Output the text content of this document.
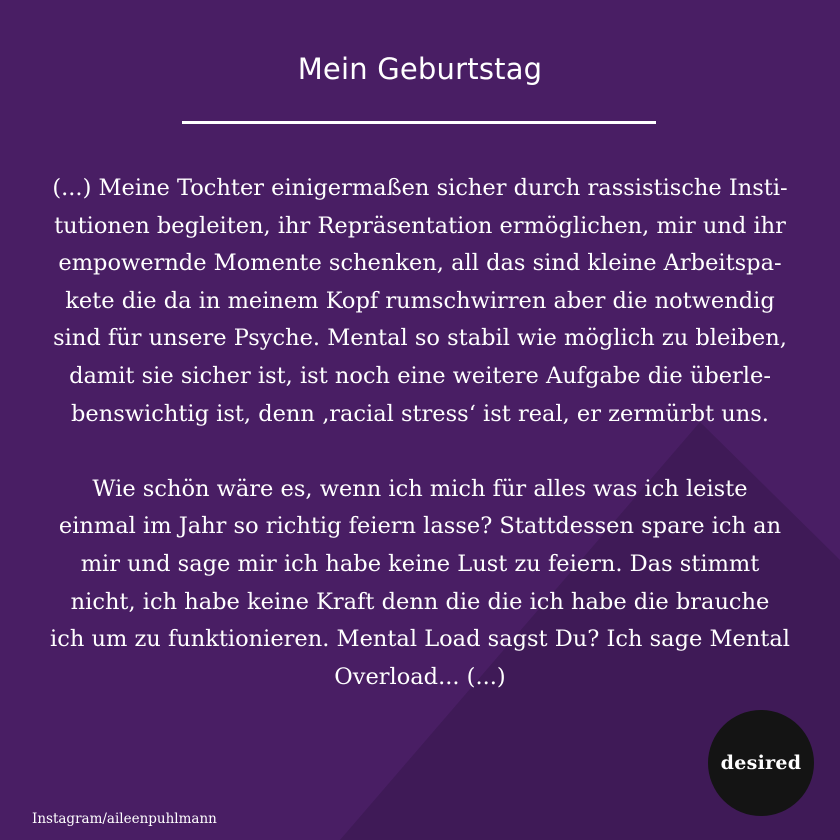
Mein Geburtstag

(...) Meine Tochter einigermaßen sicher durch rassistische Insti-
tutionen begleiten, ihr Repräsentation ermöglichen, mir und ihr
empowernde Momente schenken, all das sind kleine Arbeitspa-
kete die da in meinem Kopf rumschwirren aber die notwendig
sind für unsere Psyche. Mental so stabil wie möglich zu bleiben,
damit sie sicher ist, ist noch eine weitere Aufgabe die überle-
benswichtig ist, denn ‚racial stress‘ ist real, er zermürbt uns.

Wie schön wäre es, wenn ich mich für alles was ich leiste
einmal im Jahr so richtig feiern lasse? Stattdessen spare ich an
mir und sage mir ich habe keine Lust zu feiern. Das stimmt
nicht, ich habe keine Kraft denn die die ich habe die brauche
ich um zu funktionieren. Mental Load sagst Du? Ich sage Mental
Overload... (...)

Instagram/aileenpuhlmann
desired
